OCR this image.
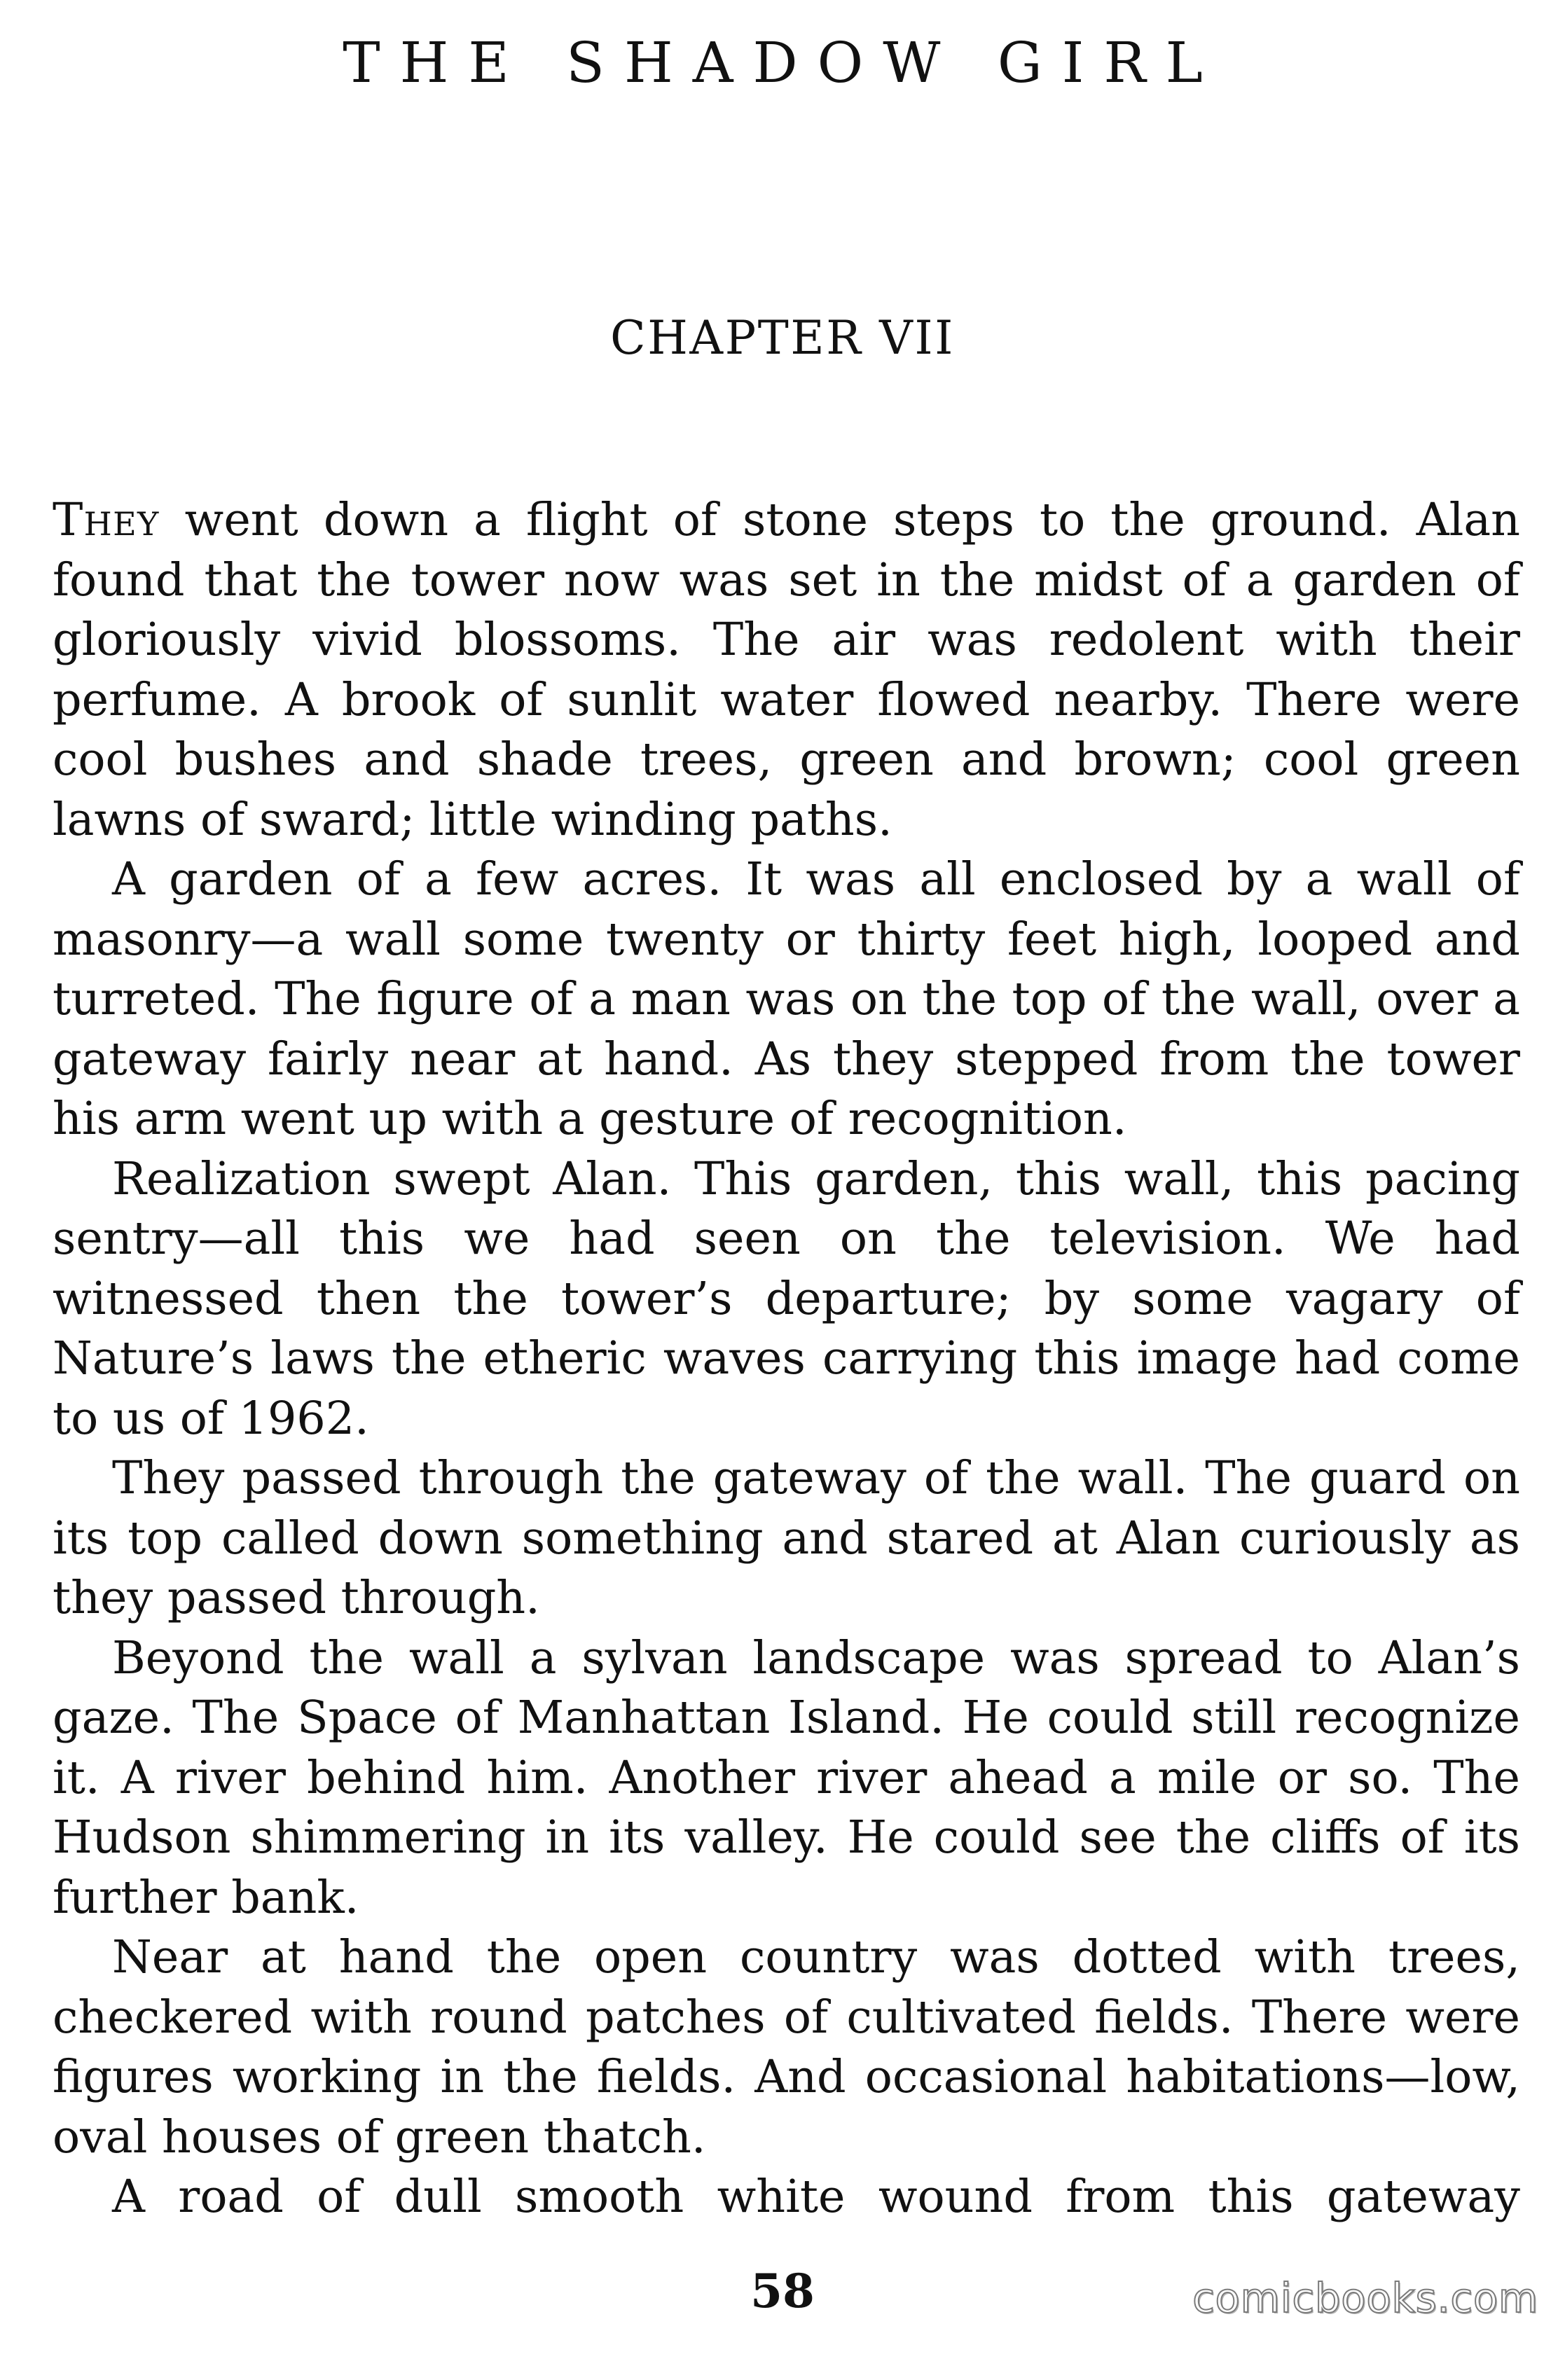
THE SHADOW GIRL
CHAPTER VII

They went down a flight of stone steps to the ground. Alan found that the tower now was set in the midst of a garden of gloriously vivid blossoms. The air was redolent with their perfume. A brook of sunlit water flowed nearby. There were cool bushes and shade trees, green and brown; cool green lawns of sward; little winding paths.

A garden of a few acres. It was all enclosed by a wall of masonry—a wall some twenty or thirty feet high, looped and turreted. The figure of a man was on the top of the wall, over a gateway fairly near at hand. As they stepped from the tower his arm went up with a gesture of recognition.

Realization swept Alan. This garden, this wall, this pacing sentry—all this we had seen on the television. We had witnessed then the tower’s departure; by some vagary of Nature’s laws the etheric waves carrying this image had come to us of 1962.

They passed through the gateway of the wall. The guard on its top called down something and stared at Alan curiously as they passed through.

Beyond the wall a sylvan landscape was spread to Alan’s gaze. The Space of Manhattan Island. He could still recognize it. A river behind him. Another river ahead a mile or so. The Hudson shimmering in its valley. He could see the cliffs of its further bank.

Near at hand the open country was dotted with trees, checkered with round patches of cultivated fields. There were figures working in the fields. And occasional habitations—low, oval houses of green thatch.

A road of dull smooth white wound from this gateway

58	comicbooks.com
